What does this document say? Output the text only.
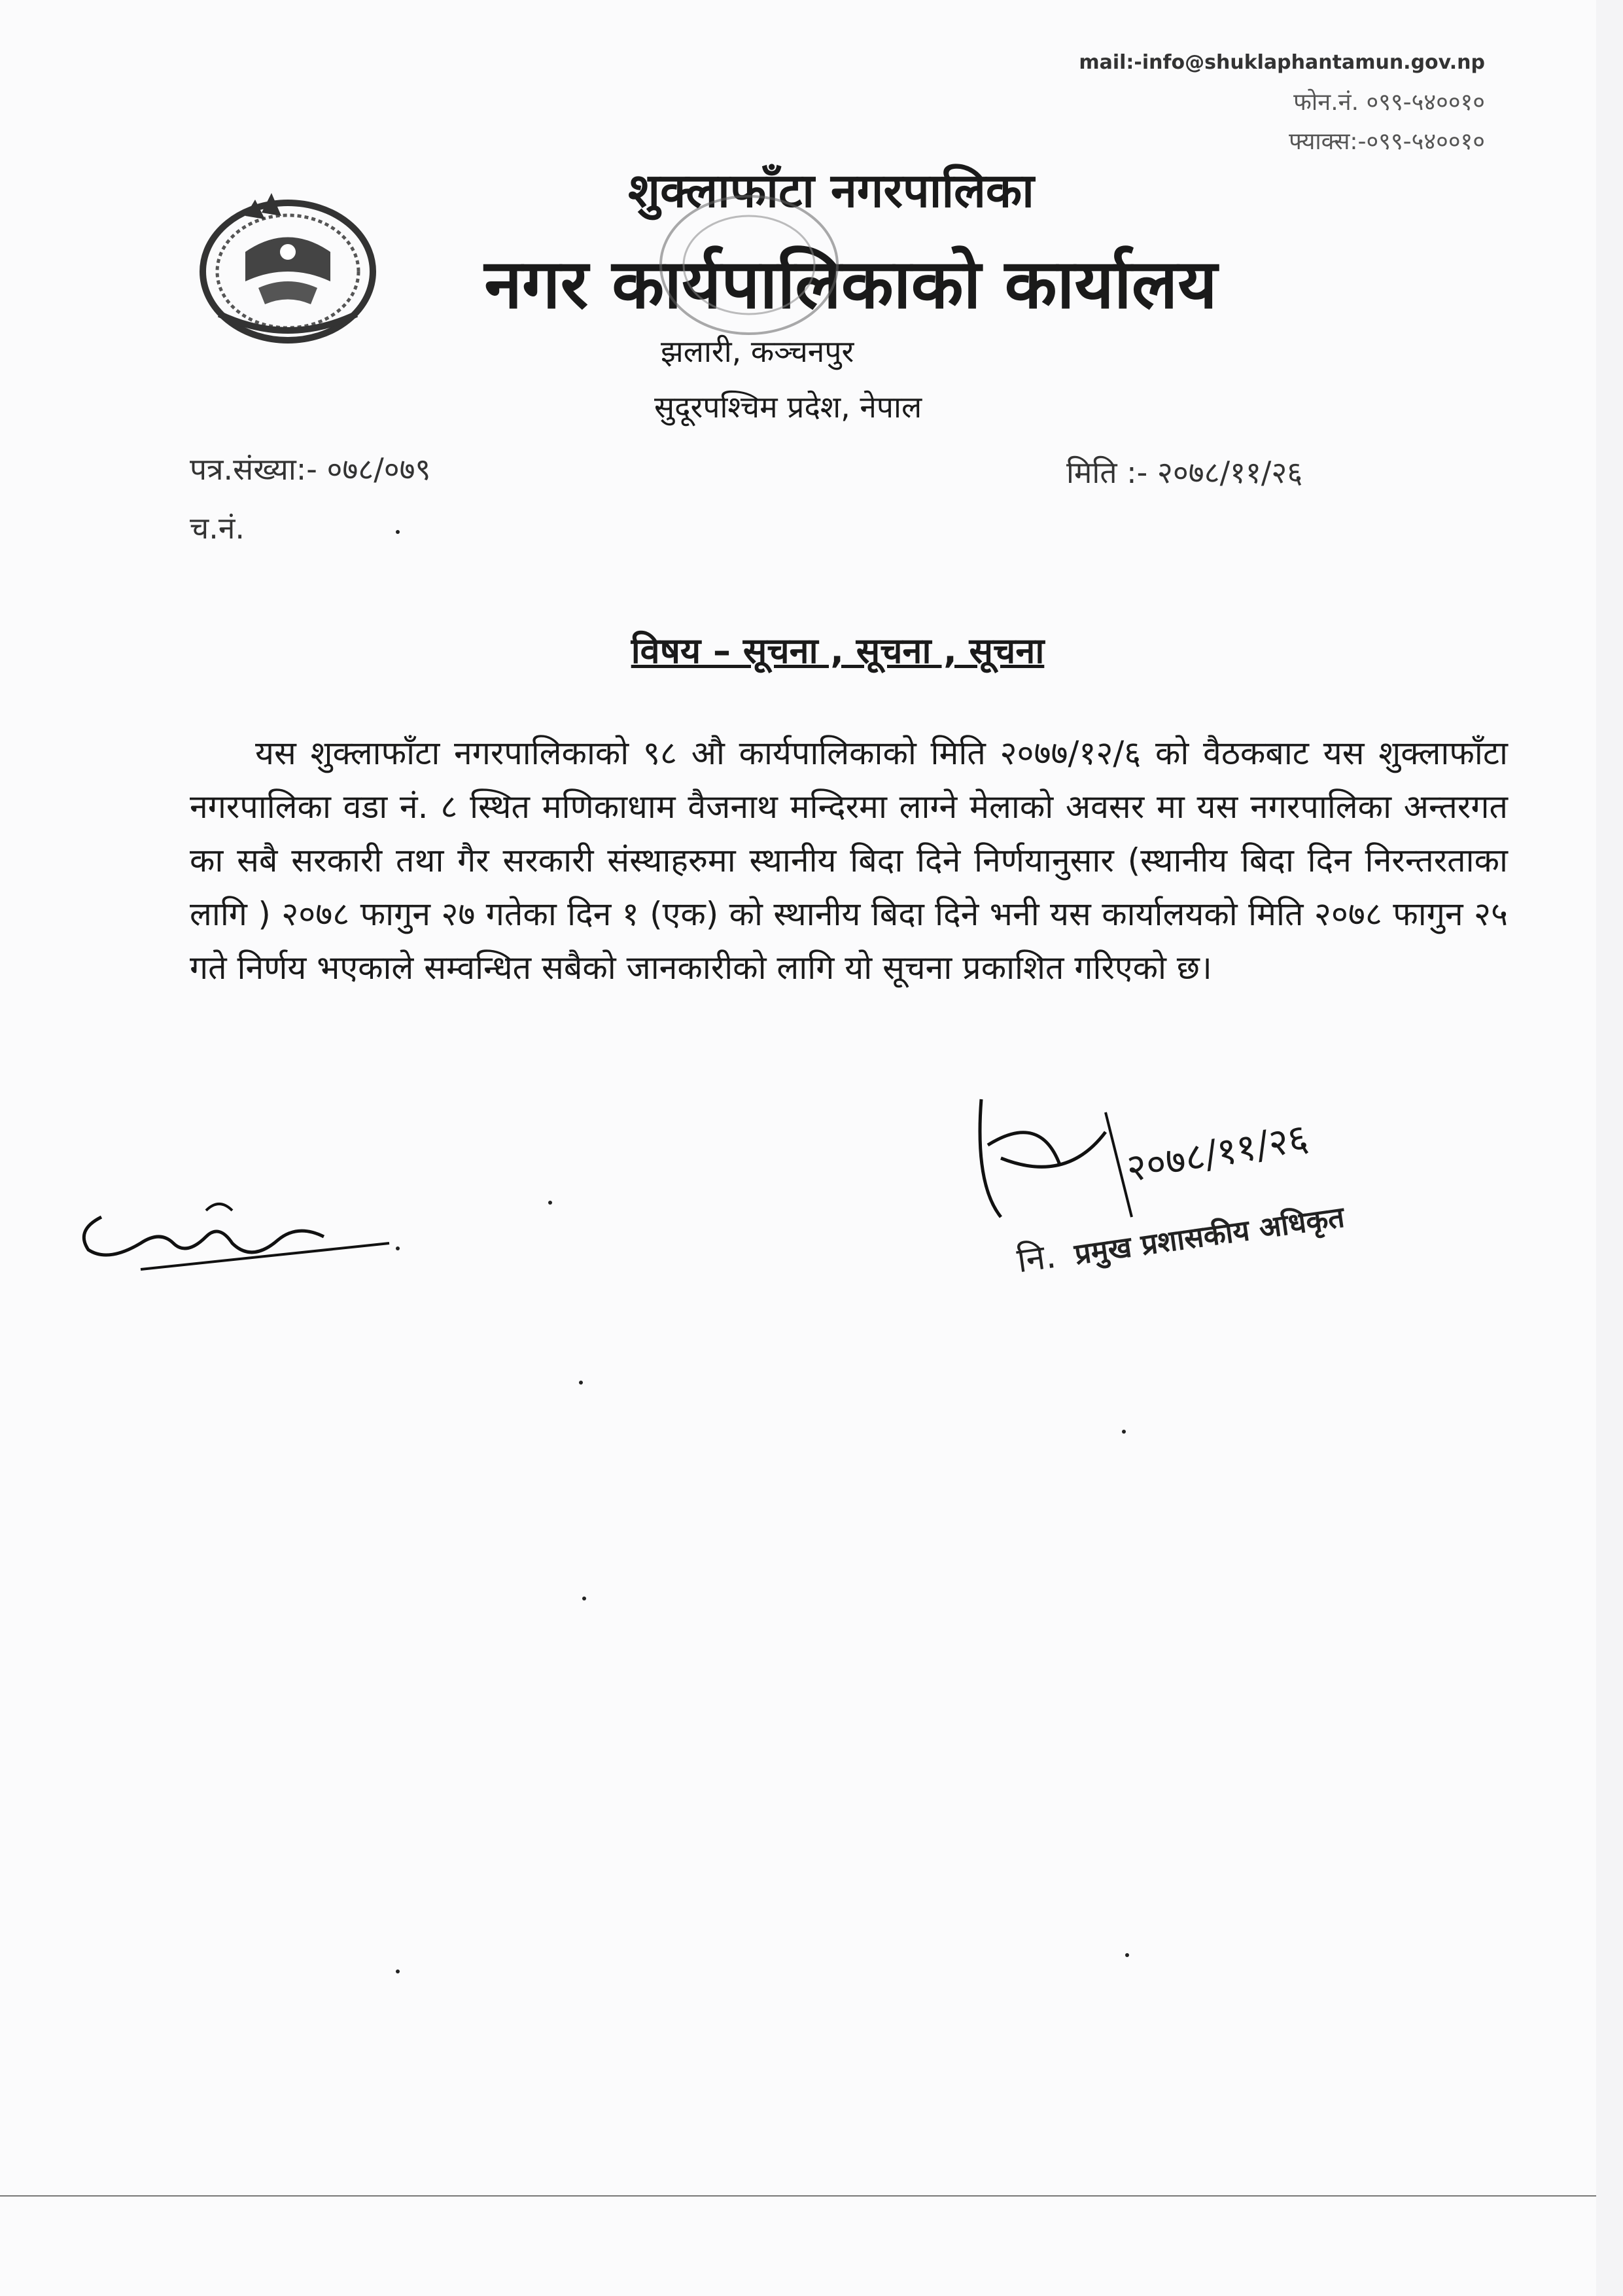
mail:-info@shuklaphantamun.gov.np
फोन.नं. ०९९-५४००१०
फ्याक्स:-०९९-५४००१०
शुक्लाफाँटा नगरपालिका
नगर कार्यपालिकाको कार्यालय
झलारी, कञ्चनपुर
सुदूरपश्चिम प्रदेश, नेपाल
पत्र.संख्या:- ०७८/०७९
च.नं.
मिति :- २०७८/११/२६
विषय – सूचना , सूचना , सूचना
यस शुक्लाफाँटा नगरपालिकाको ९८ औ कार्यपालिकाको मिति २०७७/१२/६ को वैठकबाट यस शुक्लाफाँटा नगरपालिका वडा नं. ८ स्थित मणिकाधाम वैजनाथ मन्दिरमा लाग्ने मेलाको अवसर मा यस नगरपालिका अन्तरगत का सबै सरकारी तथा गैर सरकारी संस्थाहरुमा स्थानीय बिदा दिने निर्णयानुसार (स्थानीय बिदा दिन निरन्तरताका लागि ) २०७८ फागुन २७ गतेका दिन १ (एक) को स्थानीय बिदा दिने भनी यस कार्यालयको मिति २०७८ फागुन २५ गते निर्णय भएकाले सम्वन्धित सबैको जानकारीको लागि यो सूचना प्रकाशित गरिएको छ।
२०७८/११/२६
नि. प्रमुख प्रशासकीय अधिकृत
